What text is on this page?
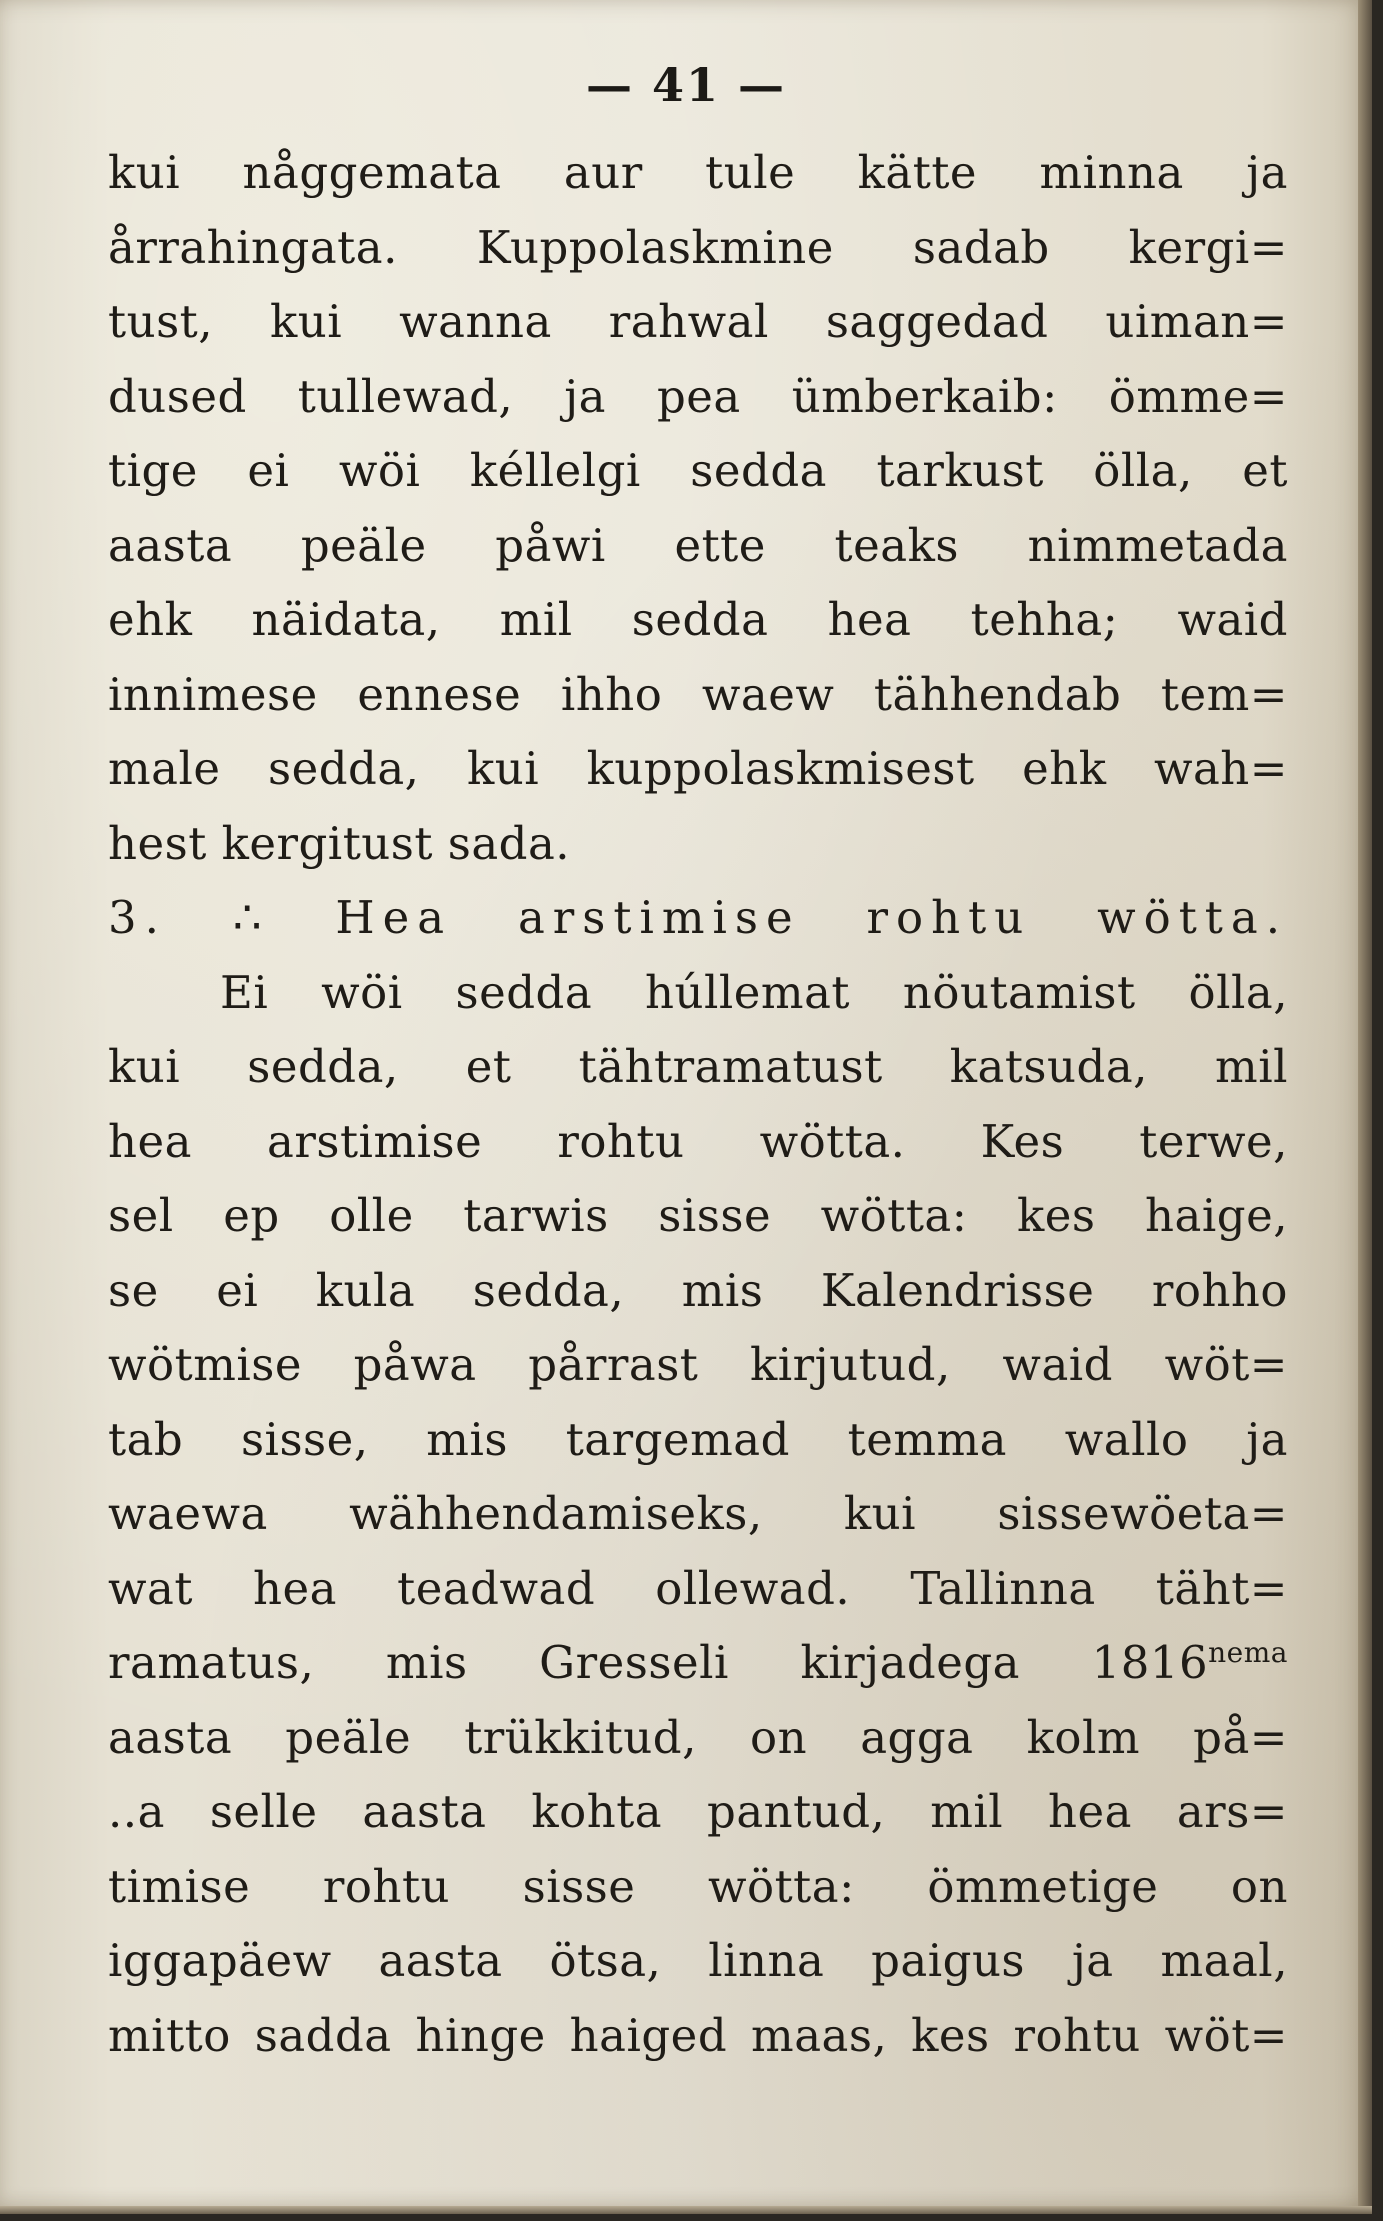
— 41 —
kui någgemata aur tule kätte minna ja
årrahingata. Kuppolaskmine sadab kergi=
tust, kui wanna rahwal saggedad uiman=
dused tullewad, ja pea ümberkaib: ömme=
tige ei wöi kéllelgi sedda tarkust ölla, et
aasta peäle påwi ette teaks nimmetada
ehk näidata, mil sedda hea tehha; waid
innimese ennese ihho waew tähhendab tem=
male sedda, kui kuppolaskmisest ehk wah=
hest kergitust sada.
3. ∴ Hea arstimise rohtu wötta.
Ei wöi sedda húllemat nöutamist ölla,
kui sedda, et tähtramatust katsuda, mil
hea arstimise rohtu wötta. Kes terwe,
sel ep olle tarwis sisse wötta: kes haige,
se ei kula sedda, mis Kalendrisse rohho
wötmise påwa pårrast kirjutud, waid wöt=
tab sisse, mis targemad temma wallo ja
waewa wähhendamiseks, kui sissewöeta=
wat hea teadwad ollewad. Tallinna täht=
ramatus, mis Gresseli kirjadega $1816^{nema}$
aasta peäle trükkitud, on agga kolm på=
..a selle aasta kohta pantud, mil hea ars=
timise rohtu sisse wötta: ömmetige on
iggapäew aasta ötsa, linna paigus ja maal,
mitto sadda hinge haiged maas, kes rohtu wöt=
